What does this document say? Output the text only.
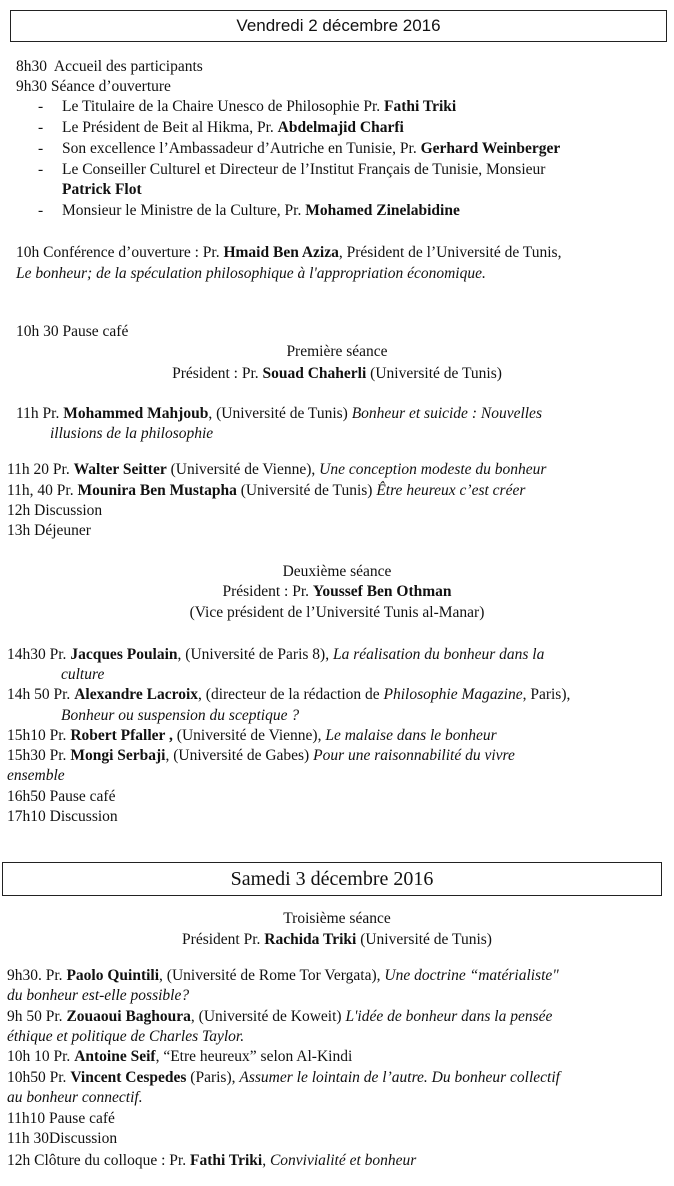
Vendredi 2 décembre 2016
8h30 Accueil des participants
9h30 Séance d’ouverture
- Le Titulaire de la Chaire Unesco de Philosophie Pr. Fathi Triki
- Le Président de Beit al Hikma, Pr. Abdelmajid Charfi
- Son excellence l’Ambassadeur d’Autriche en Tunisie, Pr. Gerhard Weinberger
- Le Conseiller Culturel et Directeur de l’Institut Français de Tunisie, Monsieur
Patrick Flot
- Monsieur le Ministre de la Culture, Pr. Mohamed Zinelabidine
10h Conférence d’ouverture : Pr. Hmaid Ben Aziza, Président de l’Université de Tunis,
Le bonheur; de la spéculation philosophique à l'appropriation économique.
10h 30 Pause café
Première séance
Président : Pr. Souad Chaherli (Université de Tunis)
11h Pr. Mohammed Mahjoub, (Université de Tunis) Bonheur et suicide : Nouvelles
illusions de la philosophie
11h 20 Pr. Walter Seitter (Université de Vienne), Une conception modeste du bonheur
11h, 40 Pr. Mounira Ben Mustapha (Université de Tunis) Être heureux c’est créer
12h Discussion
13h Déjeuner
Deuxième séance
Président : Pr. Youssef Ben Othman
(Vice président de l’Université Tunis al-Manar)
14h30 Pr. Jacques Poulain, (Université de Paris 8), La réalisation du bonheur dans la
culture
14h 50 Pr. Alexandre Lacroix, (directeur de la rédaction de Philosophie Magazine, Paris),
Bonheur ou suspension du sceptique ?
15h10 Pr. Robert Pfaller , (Université de Vienne), Le malaise dans le bonheur
15h30 Pr. Mongi Serbaji, (Université de Gabes) Pour une raisonnabilité du vivre
ensemble
16h50 Pause café
17h10 Discussion
Samedi 3 décembre 2016
Troisième séance
Président Pr. Rachida Triki (Université de Tunis)
9h30. Pr. Paolo Quintili, (Université de Rome Tor Vergata), Une doctrine “matérialiste"
du bonheur est-elle possible?
9h 50 Pr. Zouaoui Baghoura, (Université de Koweit) L'idée de bonheur dans la pensée
éthique et politique de Charles Taylor.
10h 10 Pr. Antoine Seif, “Etre heureux” selon Al-Kindi
10h50 Pr. Vincent Cespedes (Paris), Assumer le lointain de l’autre. Du bonheur collectif
au bonheur connectif.
11h10 Pause café
11h 30Discussion
12h Clôture du colloque : Pr. Fathi Triki, Convivialité et bonheur
